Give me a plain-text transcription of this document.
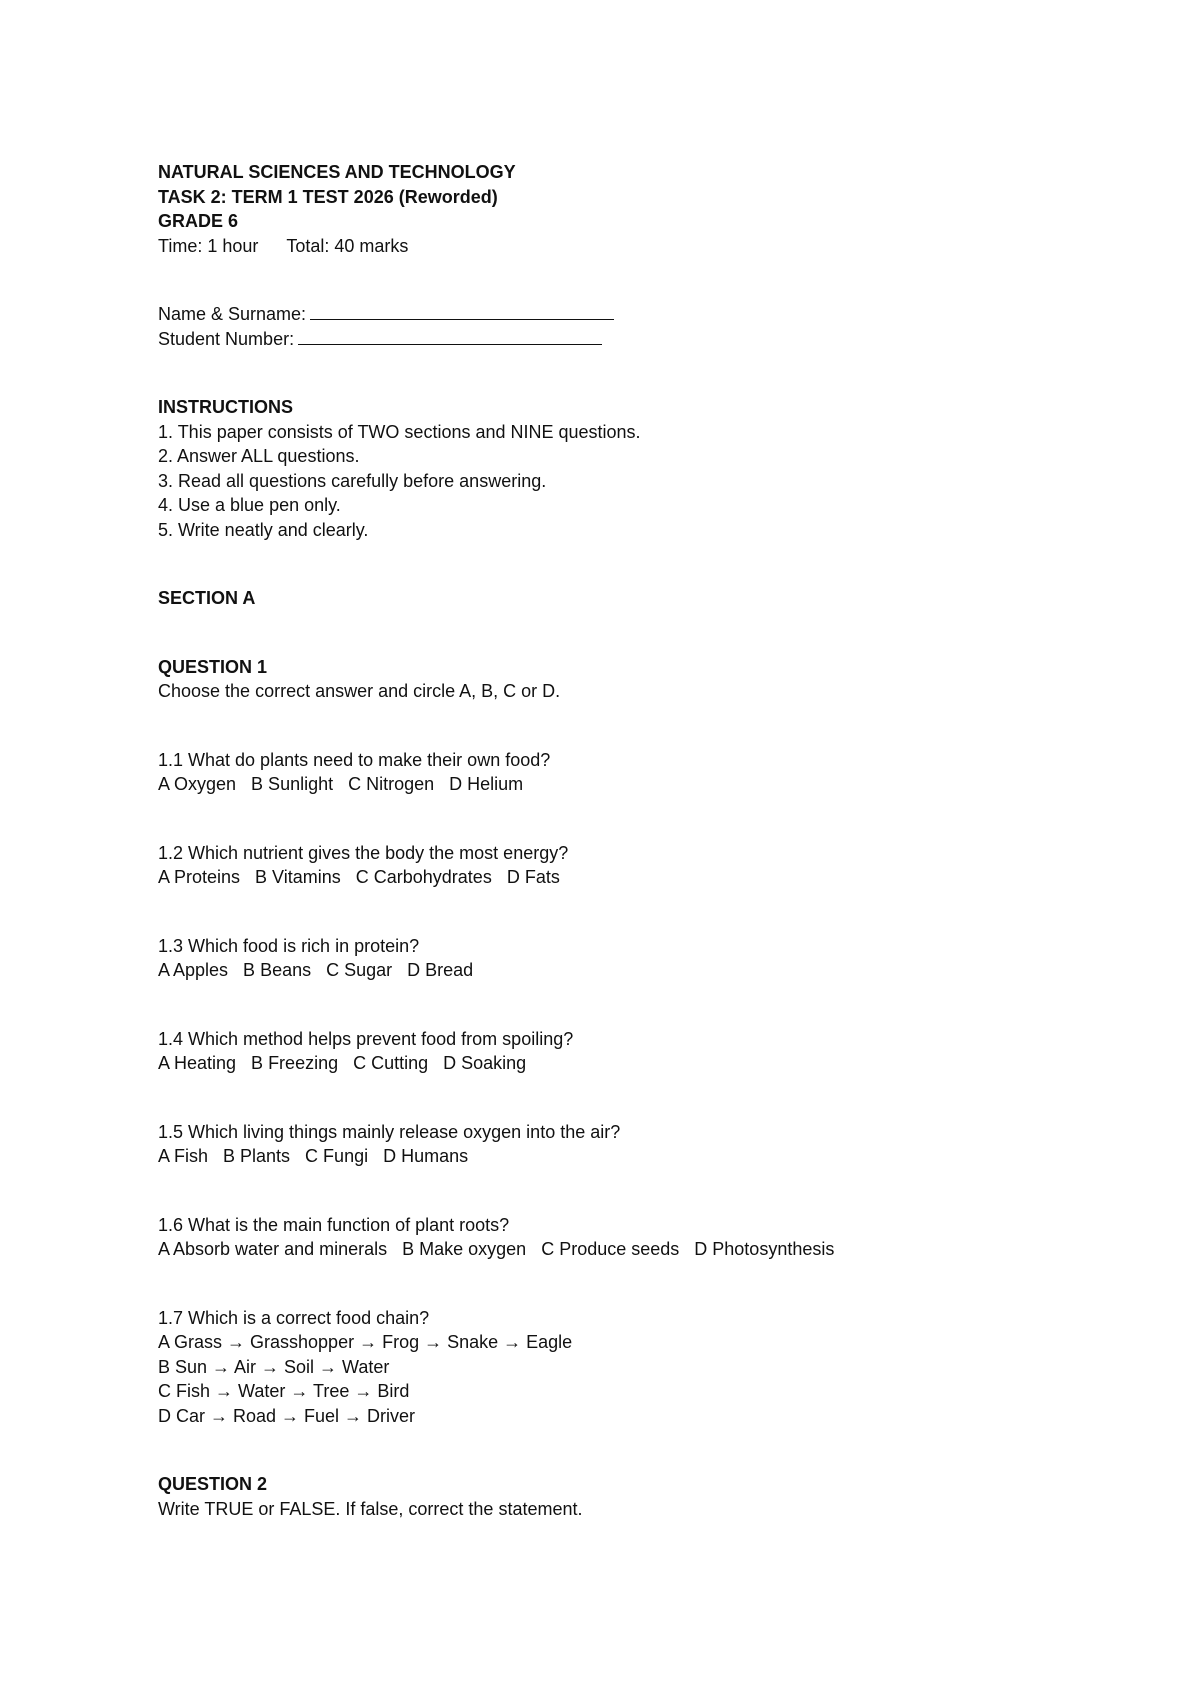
NATURAL SCIENCES AND TECHNOLOGY
TASK 2: TERM 1 TEST 2026 (Reworded)
GRADE 6
Time: 1 hour Total: 40 marks
Name & Surname:
Student Number:
INSTRUCTIONS
1. This paper consists of TWO sections and NINE questions.
2. Answer ALL questions.
3. Read all questions carefully before answering.
4. Use a blue pen only.
5. Write neatly and clearly.
SECTION A
QUESTION 1
Choose the correct answer and circle A, B, C or D.
1.1 What do plants need to make their own food?
A Oxygen   B Sunlight   C Nitrogen   D Helium
1.2 Which nutrient gives the body the most energy?
A Proteins   B Vitamins   C Carbohydrates   D Fats
1.3 Which food is rich in protein?
A Apples   B Beans   C Sugar   D Bread
1.4 Which method helps prevent food from spoiling?
A Heating   B Freezing   C Cutting   D Soaking
1.5 Which living things mainly release oxygen into the air?
A Fish   B Plants   C Fungi   D Humans
1.6 What is the main function of plant roots?
A Absorb water and minerals   B Make oxygen   C Produce seeds   D Photosynthesis
1.7 Which is a correct food chain?
A Grass → Grasshopper → Frog → Snake → Eagle
B Sun → Air → Soil → Water
C Fish → Water → Tree → Bird
D Car → Road → Fuel → Driver
QUESTION 2
Write TRUE or FALSE. If false, correct the statement.
